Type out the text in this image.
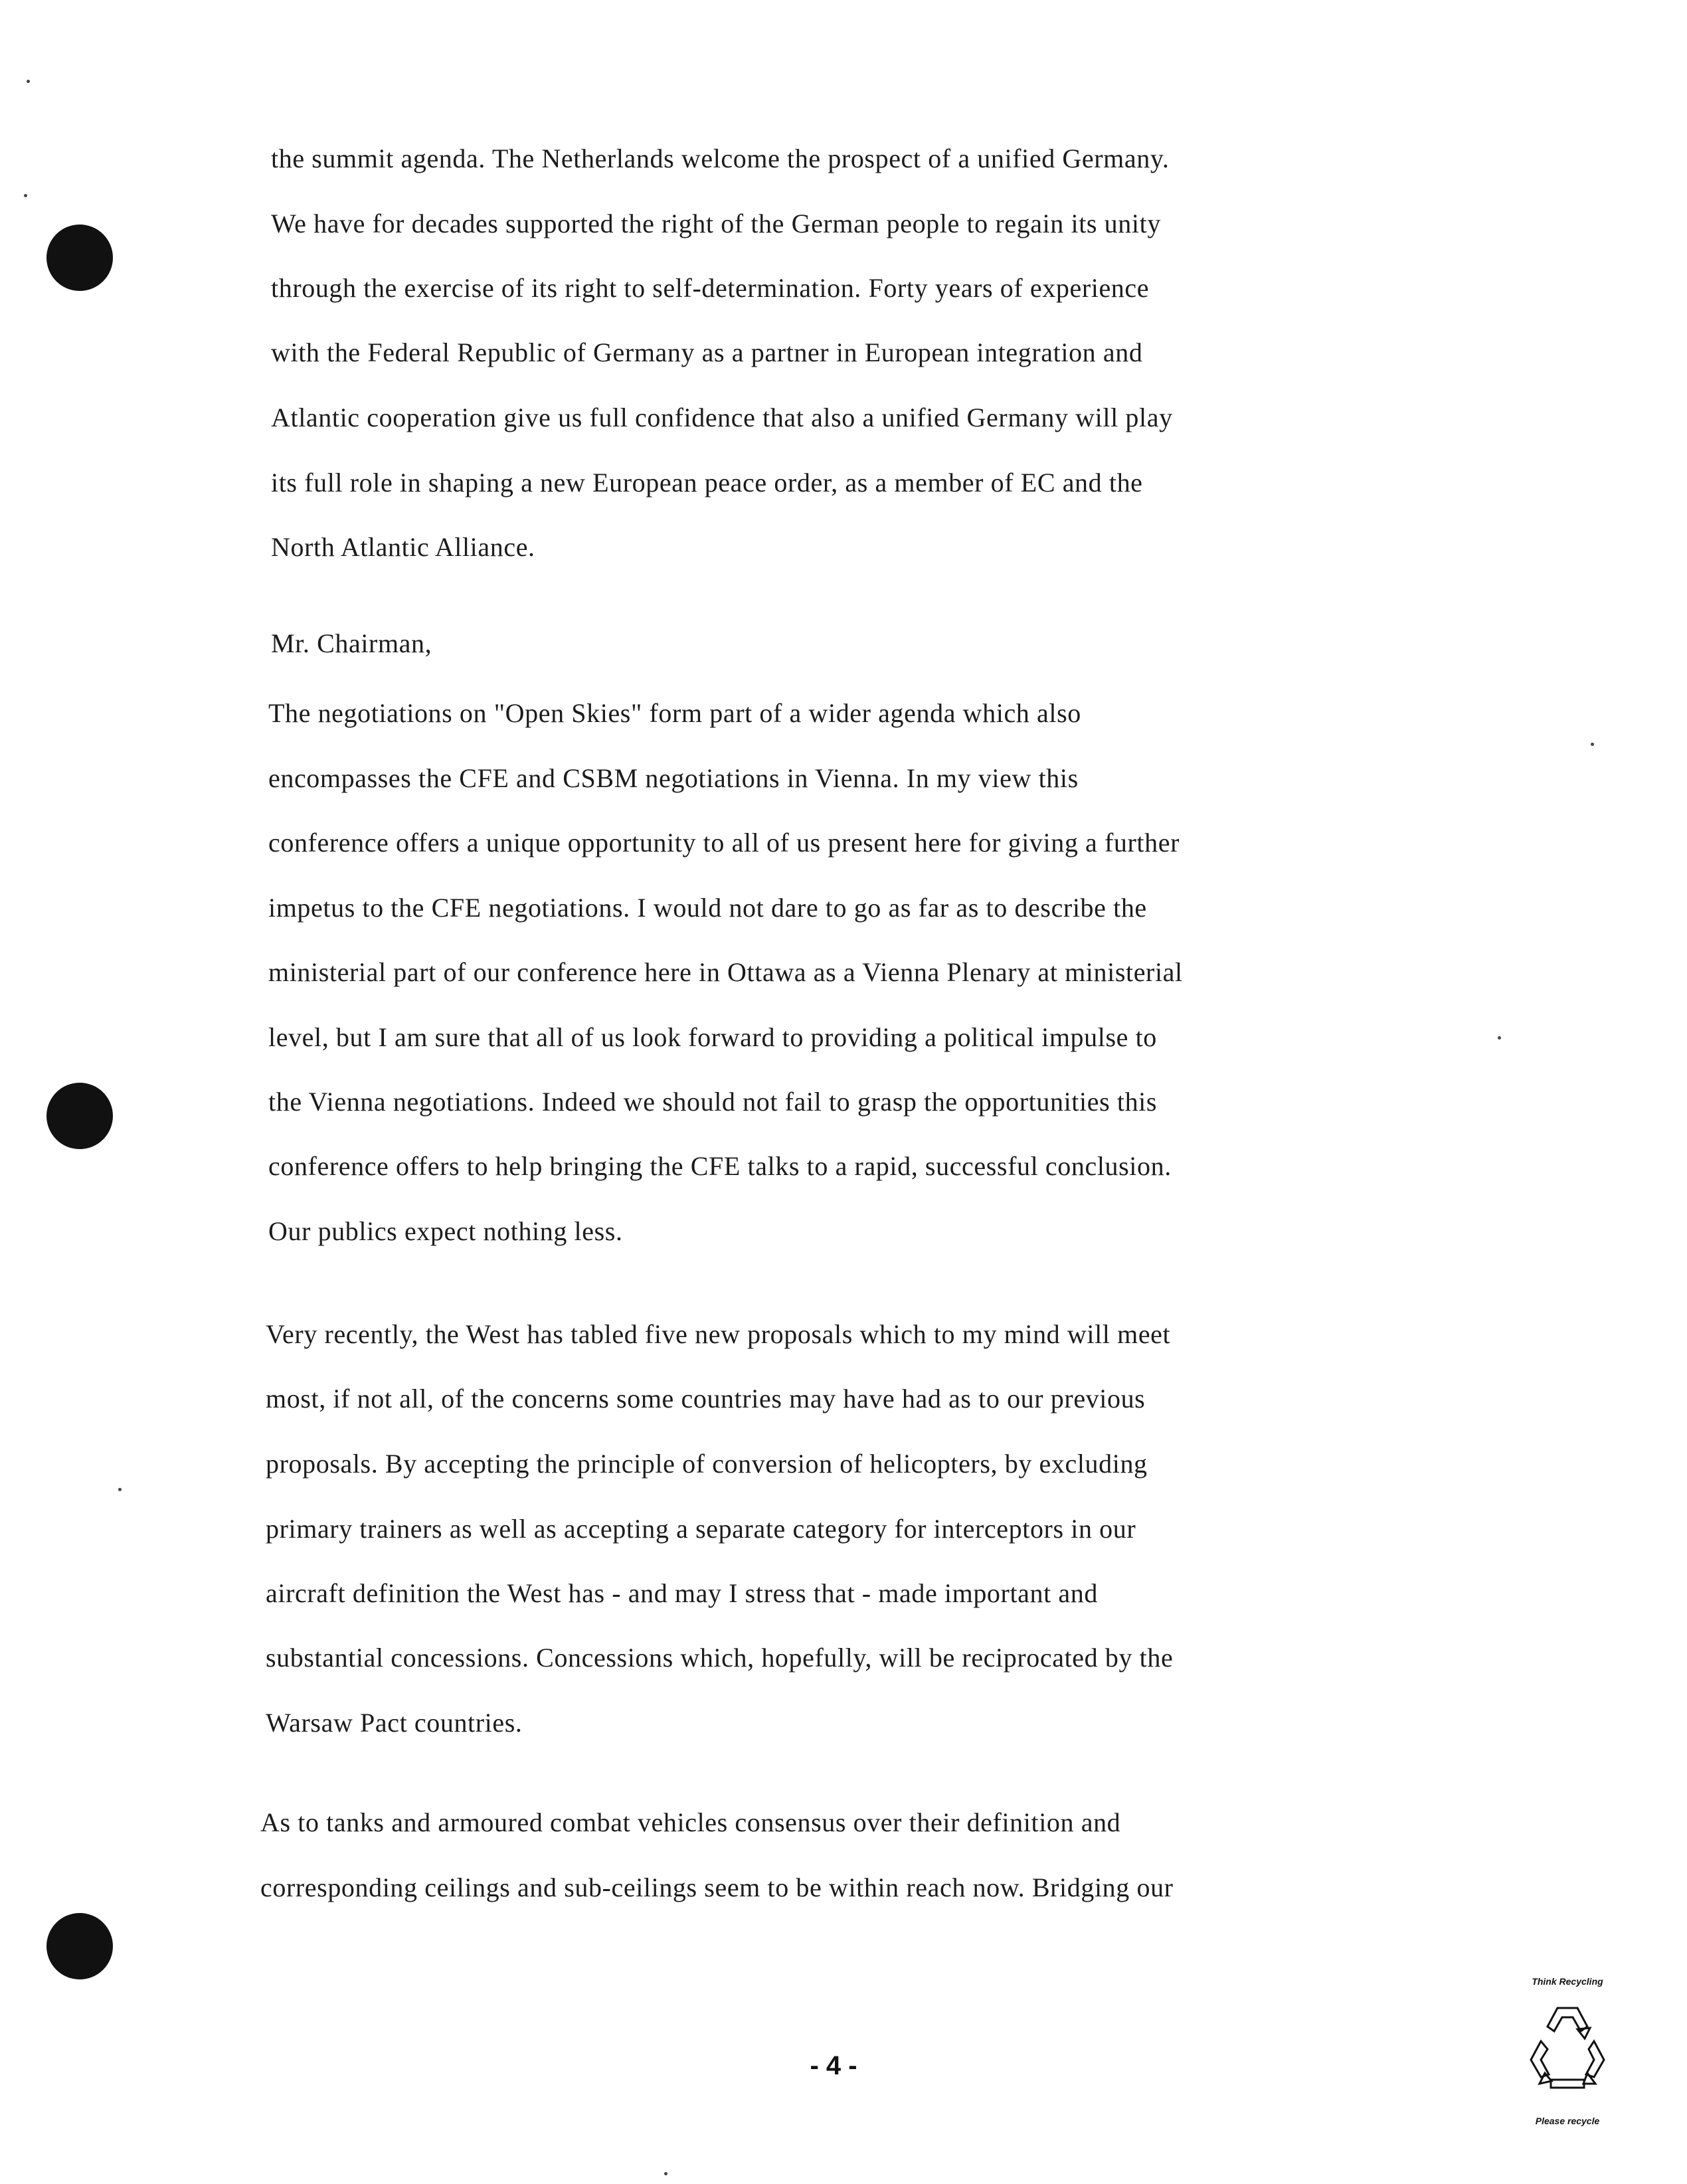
the summit agenda. The Netherlands welcome the prospect of a unified Germany.
We have for decades supported the right of the German people to regain its unity
through the exercise of its right to self-determination. Forty years of experience
with the Federal Republic of Germany as a partner in European integration and
Atlantic cooperation give us full confidence that also a unified Germany will play
its full role in shaping a new European peace order, as a member of EC and the
North Atlantic Alliance.
Mr. Chairman,
The negotiations on "Open Skies" form part of a wider agenda which also
encompasses the CFE and CSBM negotiations in Vienna. In my view this
conference offers a unique opportunity to all of us present here for giving a further
impetus to the CFE negotiations. I would not dare to go as far as to describe the
ministerial part of our conference here in Ottawa as a Vienna Plenary at ministerial
level, but I am sure that all of us look forward to providing a political impulse to
the Vienna negotiations. Indeed we should not fail to grasp the opportunities this
conference offers to help bringing the CFE talks to a rapid, successful conclusion.
Our publics expect nothing less.
Very recently, the West has tabled five new proposals which to my mind will meet
most, if not all, of the concerns some countries may have had as to our previous
proposals. By accepting the principle of conversion of helicopters, by excluding
primary trainers as well as accepting a separate category for interceptors in our
aircraft definition the West has - and may I stress that - made important and
substantial concessions. Concessions which, hopefully, will be reciprocated by the
Warsaw Pact countries.
As to tanks and armoured combat vehicles consensus over their definition and
corresponding ceilings and sub-ceilings seem to be within reach now. Bridging our
- 4 -
Think Recycling
Please recycle
